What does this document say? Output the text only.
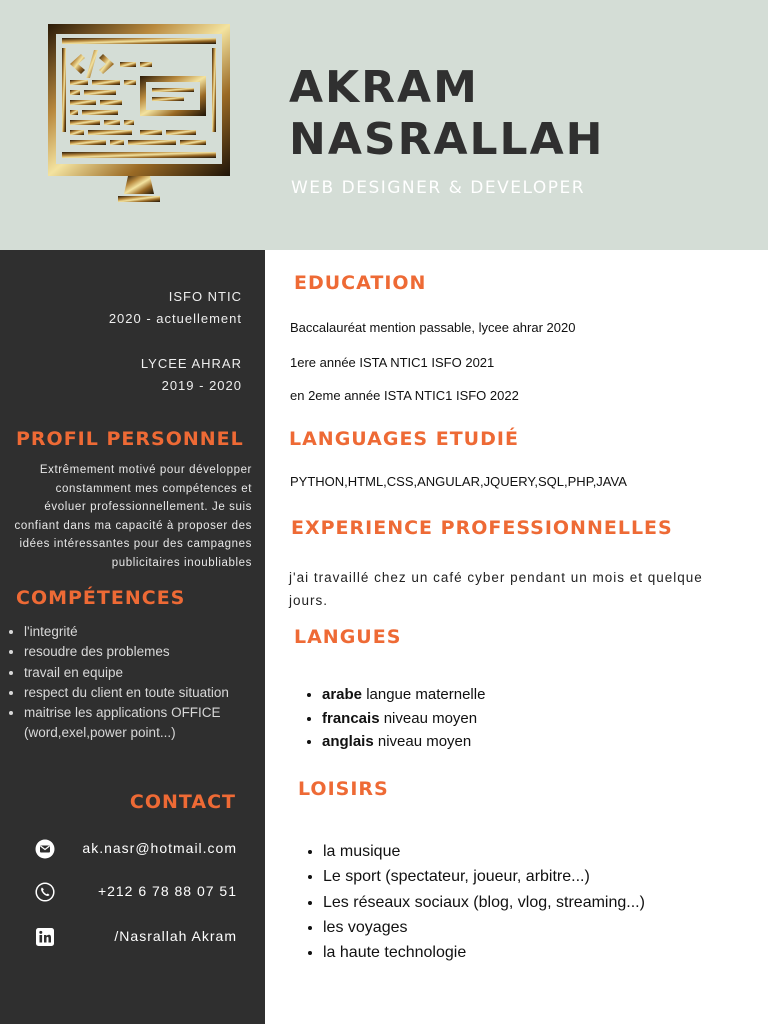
AKRAM
NASRALLAH
WEB DESIGNER & DEVELOPER
ISFO NTIC
2020 - actuellement
LYCEE AHRAR
2019 - 2020
PROFIL PERSONNEL

Extrêmement motivé pour développer constamment mes compétences et évoluer professionnellement. Je suis confiant dans ma capacité à proposer des idées intéressantes pour des campagnes publicitaires inoubliables

COMPÉTENCES
• l'integrité
• resoudre des problemes
• travail en equipe
• respect du client en toute situation
• maitrise les applications OFFICE (word,exel,power point...)
CONTACT
ak.nasr@hotmail.com
+212 6 78 88 07 51
/Nasrallah Akram
EDUCATION

Baccalauréat mention passable, lycee ahrar 2020

1ere année ISTA NTIC1 ISFO 2021

en 2eme année ISTA NTIC1 ISFO 2022

LANGUAGES ETUDIÉ

PYTHON,HTML,CSS,ANGULAR,JQUERY,SQL,PHP,JAVA

EXPERIENCE PROFESSIONNELLES

j'ai travaillé chez un café cyber pendant un mois et quelque jours.

LANGUES
• arabe langue maternelle
• francais niveau moyen
• anglais niveau moyen
LOISIRS
• la musique
• Le sport (spectateur, joueur, arbitre...)
• Les réseaux sociaux (blog, vlog, streaming...)
• les voyages
• la haute technologie
